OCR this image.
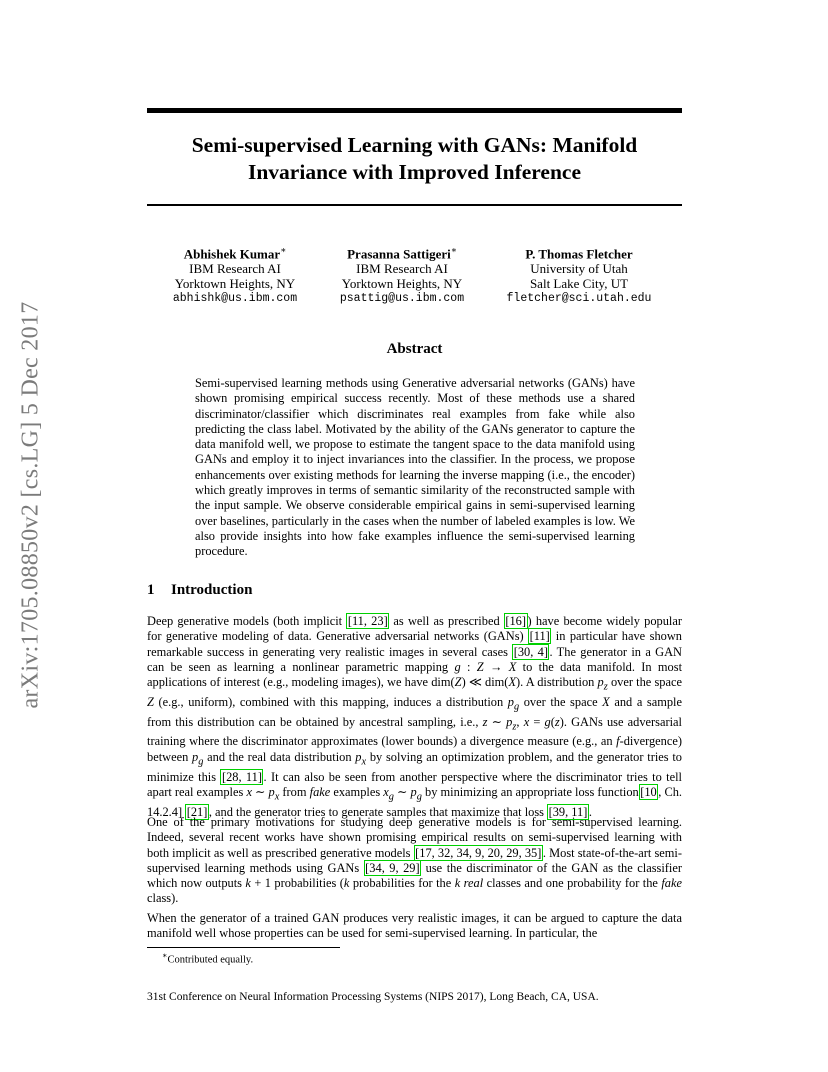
arXiv:1705.08850v2 [cs.LG] 5 Dec 2017
Semi-supervised Learning with GANs: Manifold
Invariance with Improved Inference
Abhishek Kumar∗
IBM Research AI
Yorktown Heights, NY
abhishk@us.ibm.com
Prasanna Sattigeri∗
IBM Research AI
Yorktown Heights, NY
psattig@us.ibm.com
P. Thomas Fletcher
University of Utah
Salt Lake City, UT
fletcher@sci.utah.edu
Abstract
Semi-supervised learning methods using Generative adversarial networks (GANs) have shown promising empirical success recently. Most of these methods use a shared discriminator/classifier which discriminates real examples from fake while also predicting the class label. Motivated by the ability of the GANs generator to capture the data manifold well, we propose to estimate the tangent space to the data manifold using GANs and employ it to inject invariances into the classifier. In the process, we propose enhancements over existing methods for learning the inverse mapping (i.e., the encoder) which greatly improves in terms of semantic similarity of the reconstructed sample with the input sample. We observe considerable empirical gains in semi-supervised learning over baselines, particularly in the cases when the number of labeled examples is low. We also provide insights into how fake examples influence the semi-supervised learning procedure.
1 Introduction

Deep generative models (both implicit [11, 23] as well as prescribed [16] ) have become widely popular for generative modeling of data. Generative adversarial networks (GANs) [11] in particular have shown remarkable success in generating very realistic images in several cases [30, 4] . The generator in a GAN can be seen as learning a nonlinear parametric mapping g : Z → X to the data manifold. In most applications of interest (e.g., modeling images), we have dim(Z) ≪ dim(X). A distribution $p_z$ over the space Z (e.g., uniform), combined with this mapping, induces a distribution $p_g$ over the space X and a sample from this distribution can be obtained by ancestral sampling, i.e., z ∼ $p_z$, x = g(z). GANs use adversarial training where the discriminator approximates (lower bounds) a divergence measure (e.g., an f-divergence) between $p_g$ and the real data distribution $p_x$ by solving an optimization problem, and the generator tries to minimize this [28, 11] . It can also be seen from another perspective where the discriminator tries to tell apart real examples x ∼ $p_x$ from fake examples $x_g$ ∼ $p_g$ by minimizing an appropriate loss function [10 , Ch. 14.2.4] [21] , and the generator tries to generate samples that maximize that loss [39, 11] .

One of the primary motivations for studying deep generative models is for semi-supervised learning. Indeed, several recent works have shown promising empirical results on semi-supervised learning with both implicit as well as prescribed generative models [17, 32, 34, 9, 20, 29, 35] . Most state-of-the-art semi-supervised learning methods using GANs [34, 9, 29] use the discriminator of the GAN as the classifier which now outputs k + 1 probabilities (k probabilities for the k real classes and one probability for the fake class).

When the generator of a trained GAN produces very realistic images, it can be argued to capture the data manifold well whose properties can be used for semi-supervised learning. In particular, the

∗Contributed equally.
31st Conference on Neural Information Processing Systems (NIPS 2017), Long Beach, CA, USA.
